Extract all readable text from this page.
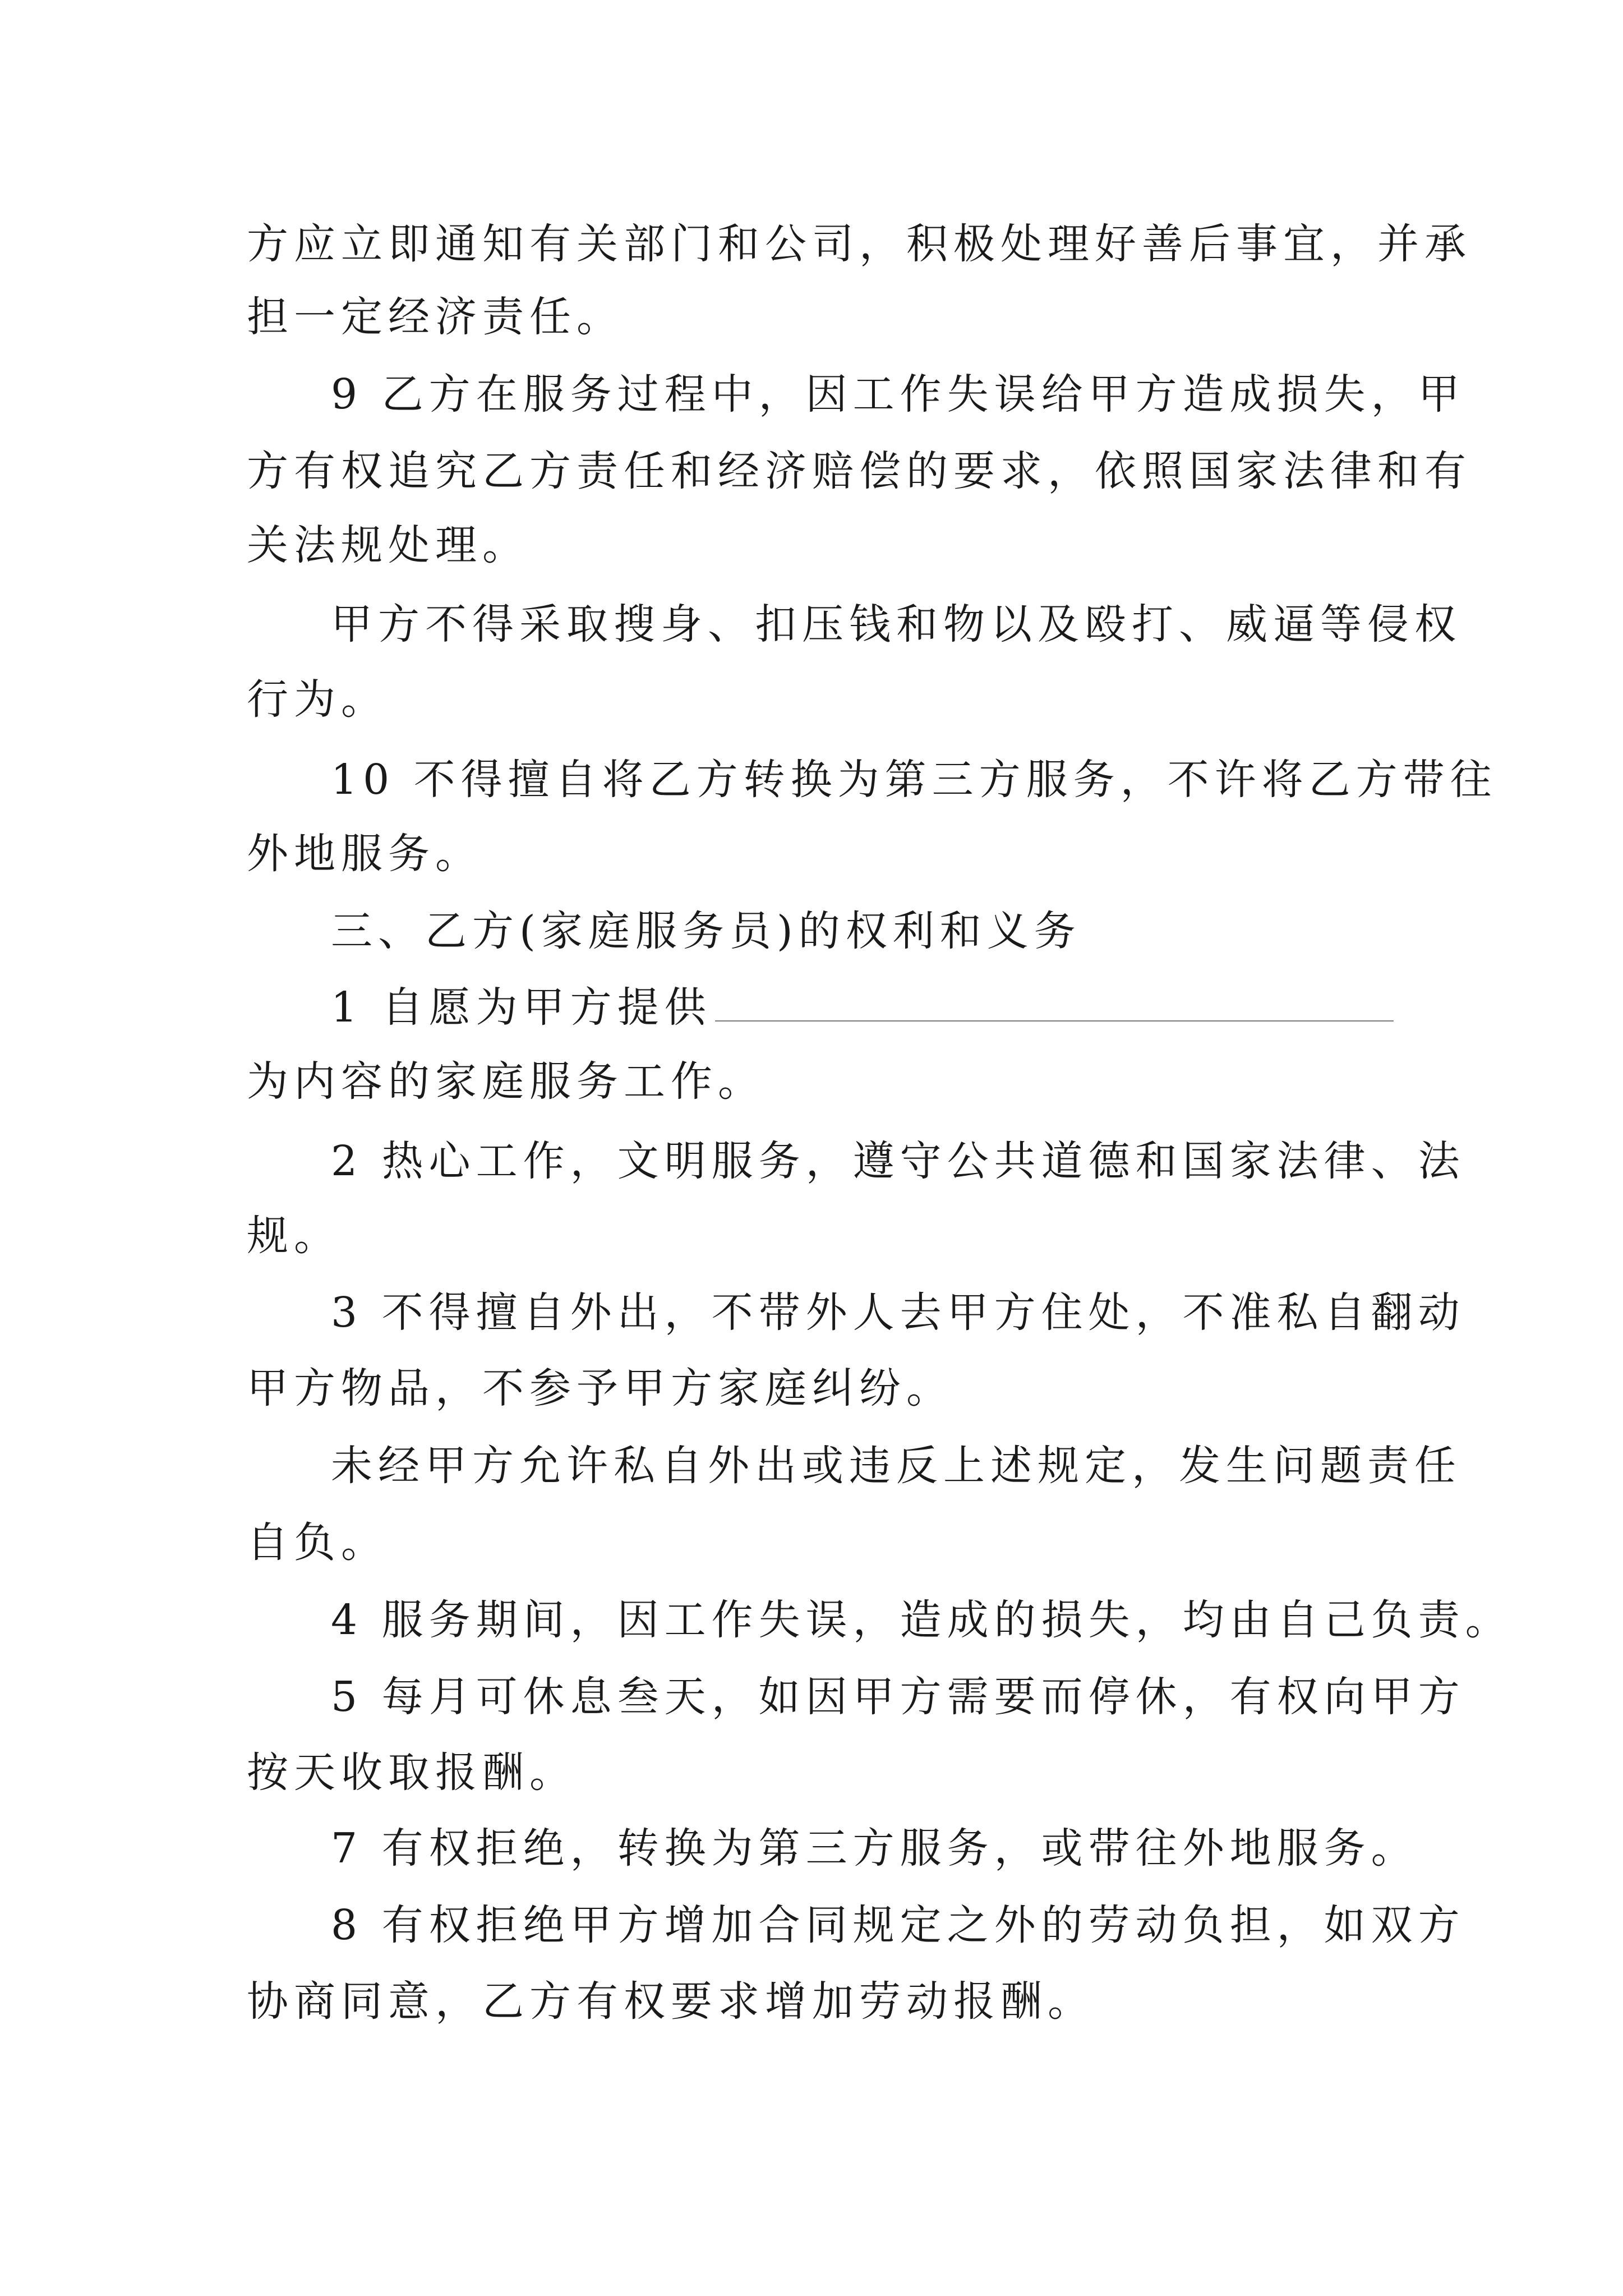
方应立即通知有关部门和公司，积极处理好善后事宜，并承
担一定经济责任。
9 乙方在服务过程中，因工作失误给甲方造成损失，甲
方有权追究乙方责任和经济赔偿的要求，依照国家法律和有
关法规处理。
甲方不得采取搜身、扣压钱和物以及殴打、威逼等侵权
行为。
10 不得擅自将乙方转换为第三方服务，不许将乙方带往
外地服务。
三、乙方(家庭服务员)的权利和义务
1 自愿为甲方提供
为内容的家庭服务工作。
2 热心工作，文明服务，遵守公共道德和国家法律、法
规。
3 不得擅自外出，不带外人去甲方住处，不准私自翻动
甲方物品，不参予甲方家庭纠纷。
未经甲方允许私自外出或违反上述规定，发生问题责任
自负。
4 服务期间，因工作失误，造成的损失，均由自己负责。
5 每月可休息叁天，如因甲方需要而停休，有权向甲方
按天收取报酬。
7 有权拒绝，转换为第三方服务，或带往外地服务。
8 有权拒绝甲方增加合同规定之外的劳动负担，如双方
协商同意，乙方有权要求增加劳动报酬。
